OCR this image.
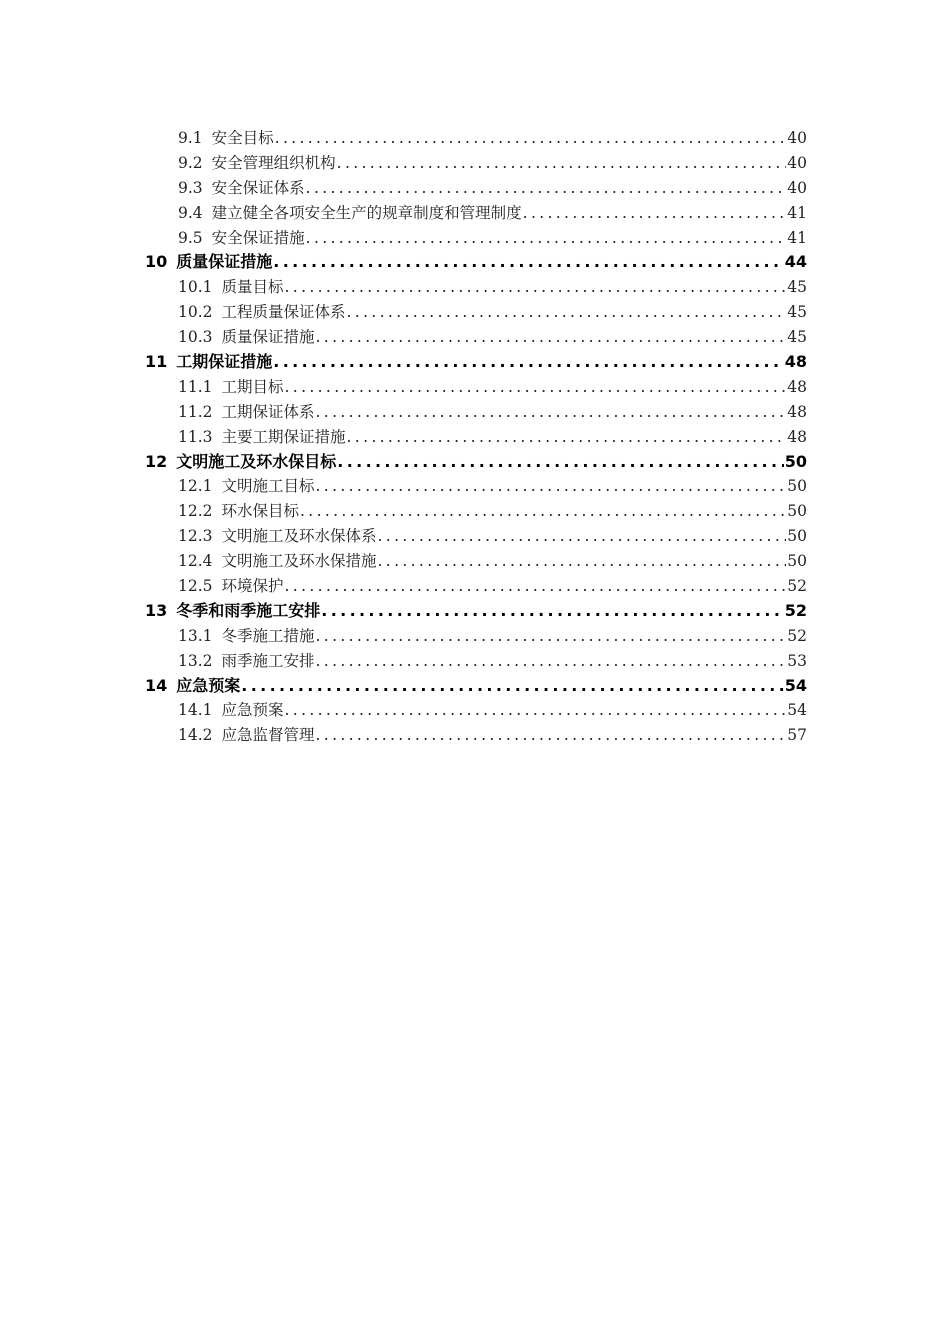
9.1 安全目标 .....	40
9.2 安全管理组织机构 .....	40
9.3 安全保证体系 .....	40
9.4 建立健全各项安全生产的规章制度和管理制度 .....	41
9.5 安全保证措施 .....	41
10 质量保证措施 .....	44
10.1 质量目标 .....	45
10.2 工程质量保证体系 .....	45
10.3 质量保证措施 .....	45
11 工期保证措施 .....	48
11.1 工期目标 .....	48
11.2 工期保证体系 .....	48
11.3 主要工期保证措施 .....	48
12 文明施工及环水保目标 .....	50
12.1 文明施工目标 .....	50
12.2 环水保目标 .....	50
12.3 文明施工及环水保体系 .....	50
12.4 文明施工及环水保措施 .....	50
12.5 环境保护 .....	52
13 冬季和雨季施工安排 .....	52
13.1 冬季施工措施 .....	52
13.2 雨季施工安排 .....	53
14 应急预案 .....	54
14.1 应急预案 .....	54
14.2 应急监督管理 .....	57
